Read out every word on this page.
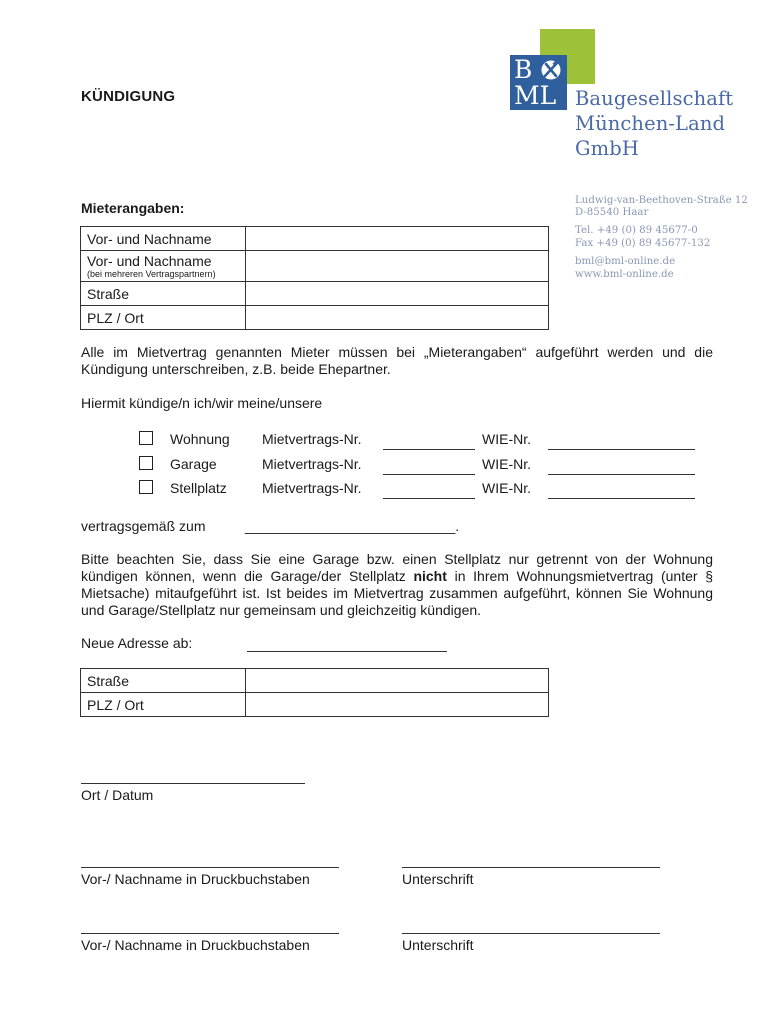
KÜNDIGUNG
B
ML Baugesellschaft
München-Land
GmbH
Ludwig-van-Beethoven-Straße 12
D-85540 Haar
Tel. +49 (0) 89 45677-0
Fax +49 (0) 89 45677-132
bml@bml-online.de
www.bml-online.de
Mieterangaben:
Vor- und Nachname	
Vor- und Nachname
(bei mehreren Vertragspartnern)	

Straße	
PLZ / Ort	
Alle im Mietvertrag genannten Mieter müssen bei „Mieterangaben“ aufgeführt werden und die Kündigung unterschreiben, z.B. beide Ehepartner.
Hiermit kündige/n ich/wir meine/unsere
Wohnung Mietvertrags-Nr.	WIE-Nr.
Garage	Mietvertrags-Nr.	WIE-Nr.
Stellplatz	Mietvertrags-Nr.	WIE-Nr.
vertragsgemäß zum	___________________________.
Bitte beachten Sie, dass Sie eine Garage bzw. einen Stellplatz nur getrennt von der Wohnung kündigen können, wenn die Garage/der Stellplatz nicht in Ihrem Wohnungsmietvertrag (unter § Mietsache) mitaufgeführt ist. Ist beides im Mietvertrag zusammen aufgeführt, können Sie Wohnung und Garage/Stellplatz nur gemeinsam und gleichzeitig kündigen.
Neue Adresse ab:
Straße	
PLZ / Ort	
Ort / Datum
Vor-/ Nachname in Druckbuchstaben	Unterschrift
Vor-/ Nachname in Druckbuchstaben	Unterschrift
